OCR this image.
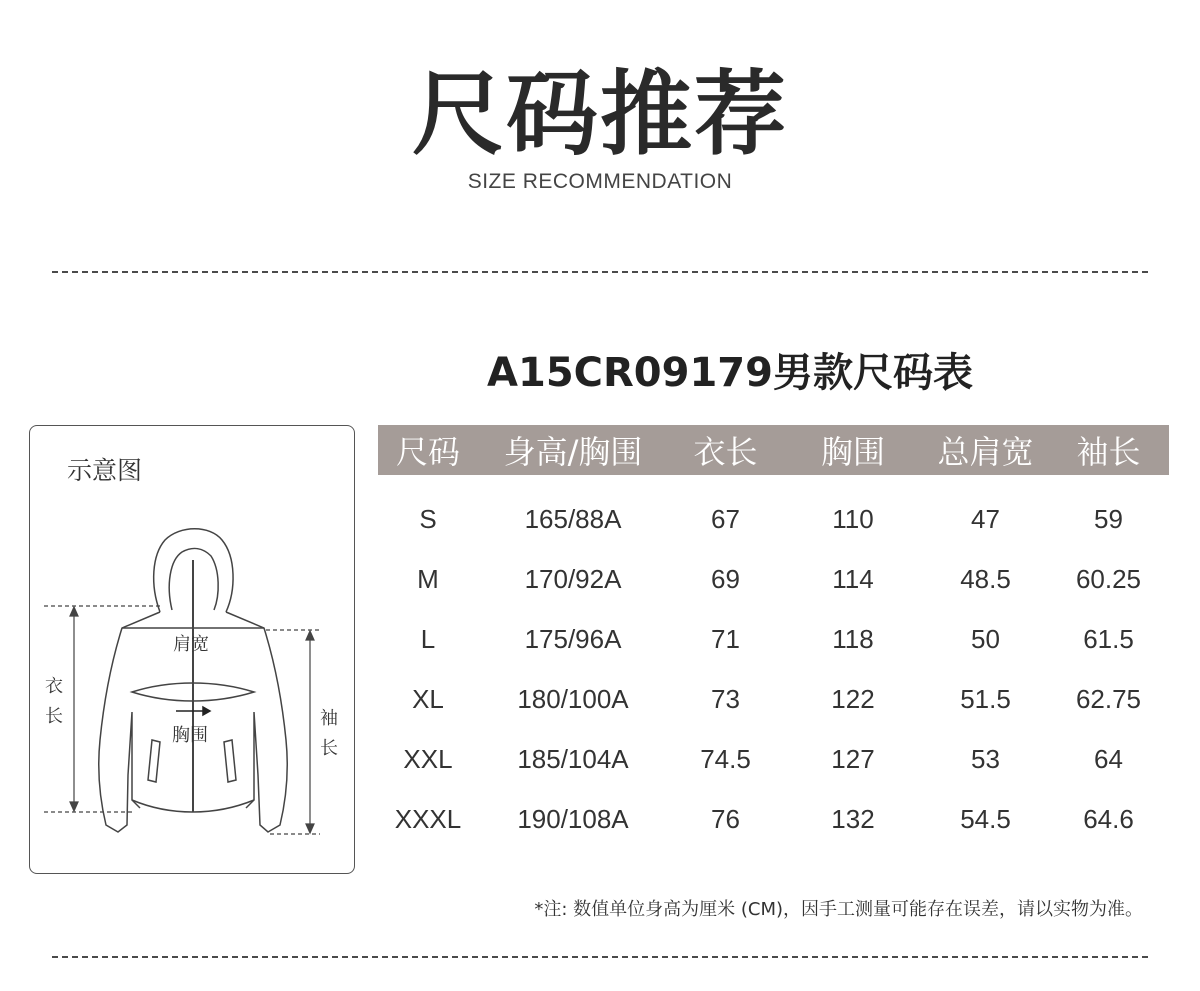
尺码推荐
SIZE RECOMMENDATION
A15CR09179男款尺码表
示意图
肩宽
胸围
衣
长	袖
长
尺码	身高/胸围	衣长	胸围	总肩宽	袖长
S	165/88A	67	110	47	59
M	170/92A	69	114	48.5	60.25
L	175/96A	71	118	50	61.5
XL	180/100A	73	122	51.5	62.75
XXL	185/104A	74.5	127	53	64
XXXL	190/108A	76	132	54.5	64.6
*注: 数值单位身高为厘米 (CM)，因手工测量可能存在误差，请以实物为准。
